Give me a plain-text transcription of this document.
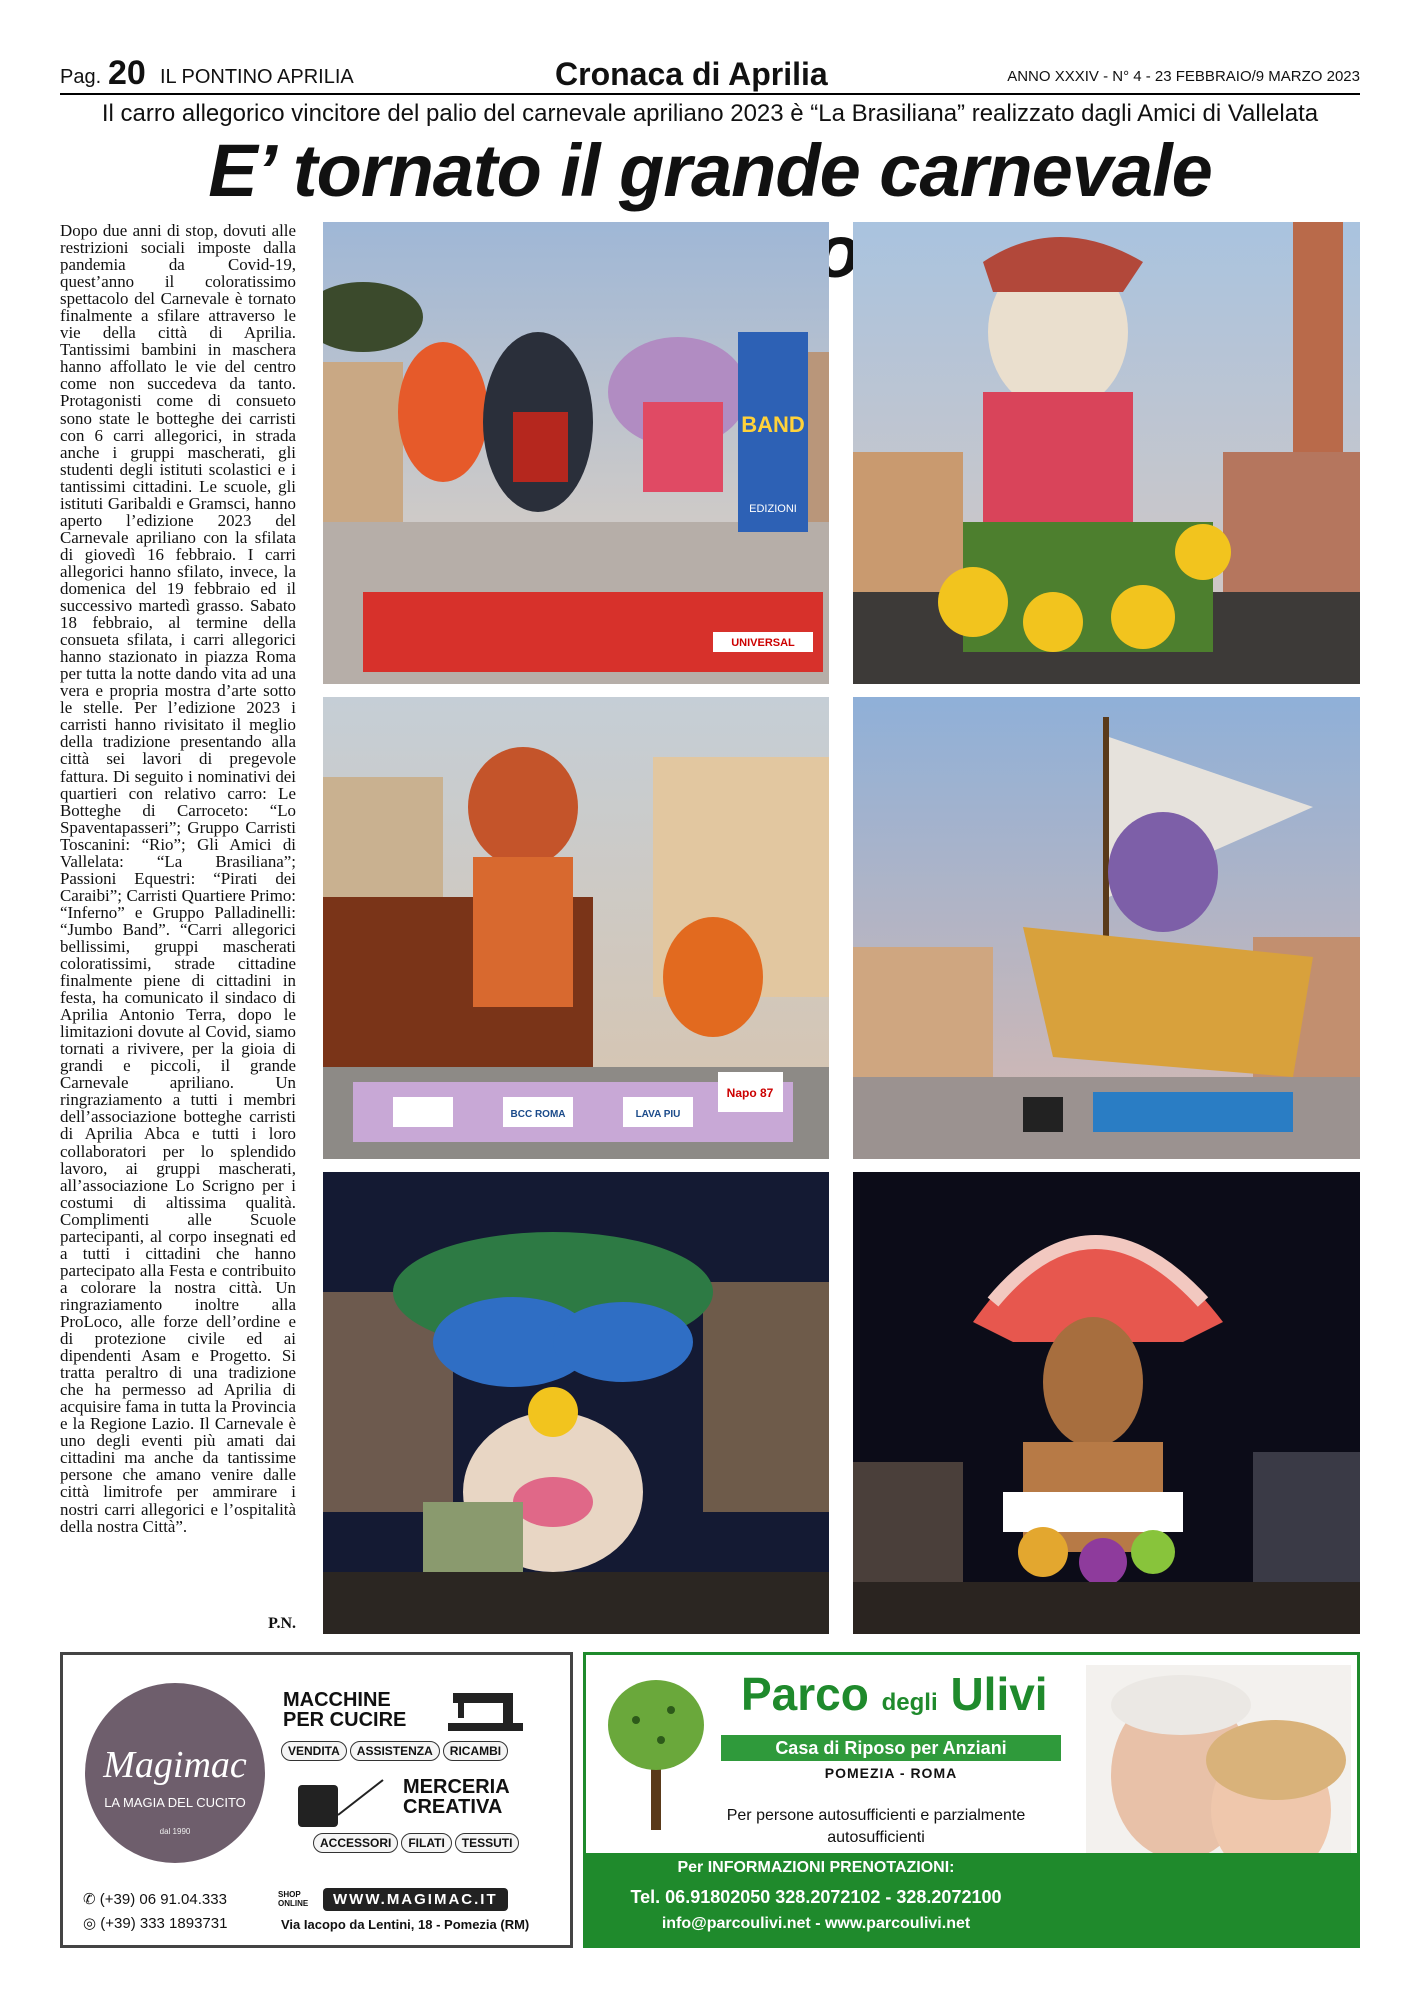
Pag. 20 IL PONTINO APRILIA	Cronaca di Aprilia	ANNO XXXIV - N° 4 - 23 FEBBRAIO/9 MARZO 2023
Il carro allegorico vincitore del palio del carnevale apriliano 2023 è “La Brasiliana” realizzato dagli Amici di Vallelata
E’ tornato il grande carnevale

Dopo due anni di stop, dovuti alle restrizioni sociali imposte dalla pandemia da Covid-19, quest’anno il coloratissimo spettacolo del Carnevale è tornato finalmente a sfilare attraverso le vie della città di Aprilia. Tantissimi bambini in maschera hanno affollato le vie del centro come non succedeva da tanto. Protagonisti come di consueto sono state le botteghe dei carristi con 6 carri allegorici, in strada anche i gruppi mascherati, gli studenti degli istituti scolastici e i tantissimi cittadini. Le scuole, gli istituti Garibaldi e Gramsci, hanno aperto l’edizione 2023 del Carnevale apriliano con la sfilata di giovedì 16 febbraio. I carri allegorici hanno sfilato, invece, la domenica del 19 febbraio ed il successivo martedì grasso. Sabato 18 febbraio, al termine della consueta sfilata, i carri allegorici hanno stazionato in piazza Roma per tutta la notte dando vita ad una vera e propria mostra d’arte sotto le stelle. Per l’edizione 2023 i carristi hanno rivisitato il meglio della tradizione presentando alla città sei lavori di pregevole fattura. Di seguito i nominativi dei quartieri con relativo carro: Le Botteghe di Carroceto: “Lo Spaventapasseri”; Gruppo Carristi Toscanini: “Rio”; Gli Amici di Vallelata: “La Brasiliana”; Passioni Equestri: “Pirati dei Caraibi”; Carristi Quartiere Primo: “Inferno” e Gruppo Palladinelli: “Jumbo Band”. “Carri allegorici bellissimi, gruppi mascherati coloratissimi, strade cittadine finalmente piene di cittadini in festa, ha comunicato il sindaco di Aprilia Antonio Terra, dopo le limitazioni dovute al Covid, siamo tornati a rivivere, per la gioia di grandi e piccoli, il grande Carnevale apriliano. Un ringraziamento a tutti i membri dell’associazione botteghe carristi di Aprilia Abca e tutti i loro collaboratori per lo splendido lavoro, ai gruppi mascherati, all’associazione Lo Scrigno per i costumi di altissima qualità. Complimenti alle Scuole partecipanti, al corpo insegnati ed a tutti i cittadini che hanno partecipato alla Festa e contribuito a colorare la nostra città. Un ringraziamento inoltre alla ProLoco, alle forze dell’ordine e di protezione civile ed ai dipendenti Asam e Progetto. Si tratta peraltro di una tradizione che ha permesso ad Aprilia di acquisire fama in tutta la Provincia e la Regione Lazio. Il Carnevale è uno degli eventi più amati dai cittadini ma anche da tantissime persone che amano venire dalle città limitrofe per ammirare i nostri carri allegorici e l’ospitalità della nostra Città”.

P.N.
BAND
EDIZIONI
UNIVERSAL
BCC ROMA	LAVA PIU
Napo 87
Magimac
LA MAGIA DEL CUCITO
dal 1990
MACCHINE PER CUCIRE
VENDITA ASSISTENZA RICAMBI
MERCERIA CREATIVA
ACCESSORI FILATI TESSUTI
✆ (+39) 06 91.04.333
◎ (+39) 333 1893731
SHOP ONLINE	WWW.MAGIMAC.IT
Via Iacopo da Lentini, 18 - Pomezia (RM)
Parco degli Ulivi
Casa di Riposo per Anziani
POMEZIA - ROMA
Per persone autosufficienti e parzialmente autosufficienti
Per INFORMAZIONI PRENOTAZIONI:
Tel. 06.91802050 328.2072102 - 328.2072100
info@parcoulivi.net - www.parcoulivi.net
